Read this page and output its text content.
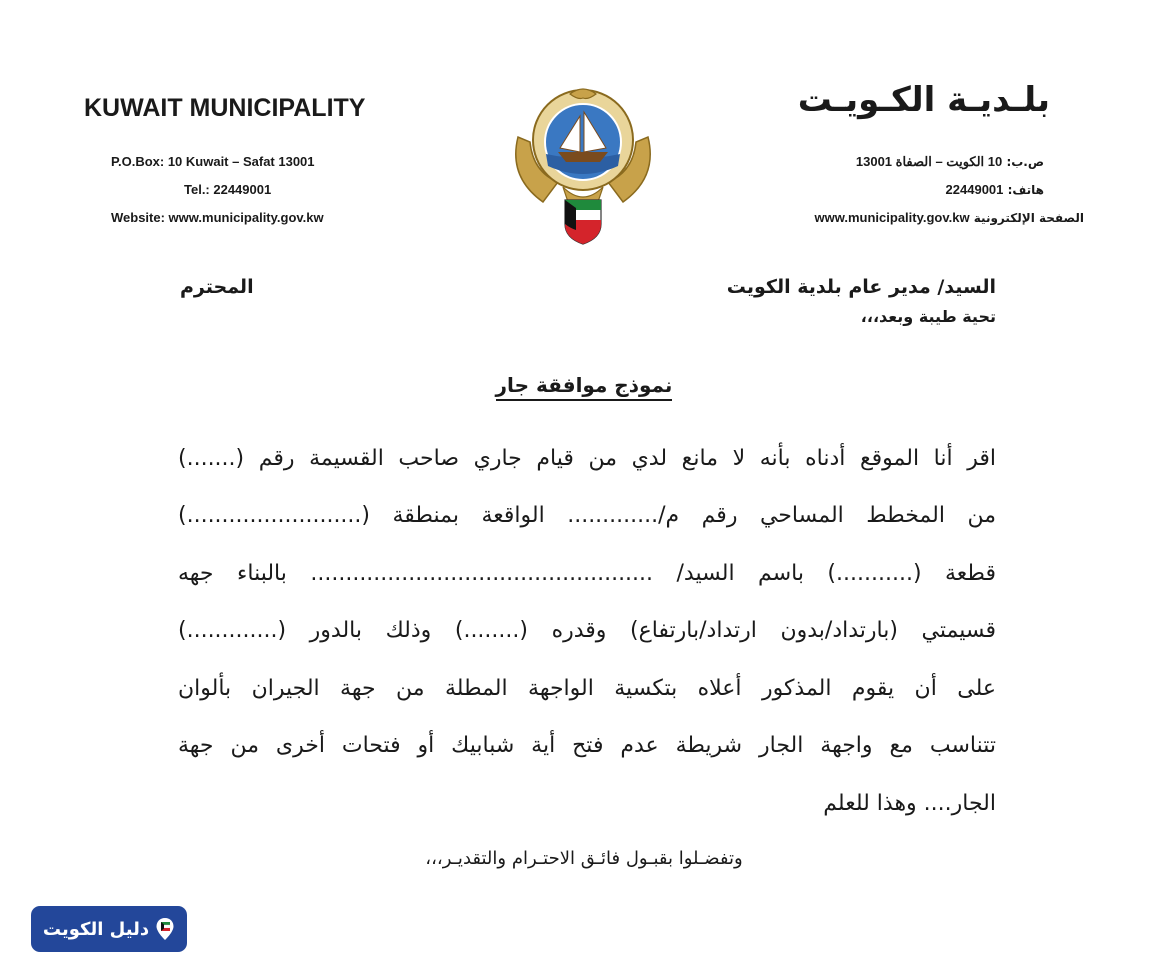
KUWAIT MUNICIPALITY
P.O.Box: 10 Kuwait – Safat 13001
Tel.: 22449001
Website: www.municipality.gov.kw
بلـديـة الكـويـت
ص.ب: 10 الكويت – الصفاة 13001
هاتف: 22449001
الصفحة الإلكترونية www.municipality.gov.kw
السيد/ مدير عام بلدية الكويت
المحترم
تحية طيبة وبعد،،،
نموذج موافقة جار
اقر أنا الموقع أدناه بأنه لا مانع لدي من قيام جاري صاحب القسيمة رقم (.......)
من المخطط المساحي رقم م/............. الواقعة بمنطقة (.........................)
قطعة (...........) باسم السيد/ ................................................. بالبناء جهه
قسيمتي (بارتداد/بدون ارتداد/بارتفاع) وقدره (........) وذلك بالدور (.............)
على أن يقوم المذكور أعلاه بتكسية الواجهة المطلة من جهة الجيران بألوان
تتناسب مع واجهة الجار شريطة عدم فتح أية شبابيك أو فتحات أخرى من جهة
الجار.... وهذا للعلم
وتفضـلوا بقبـول فائـق الاحتـرام والتقديـر،،،
دليل الكويت
